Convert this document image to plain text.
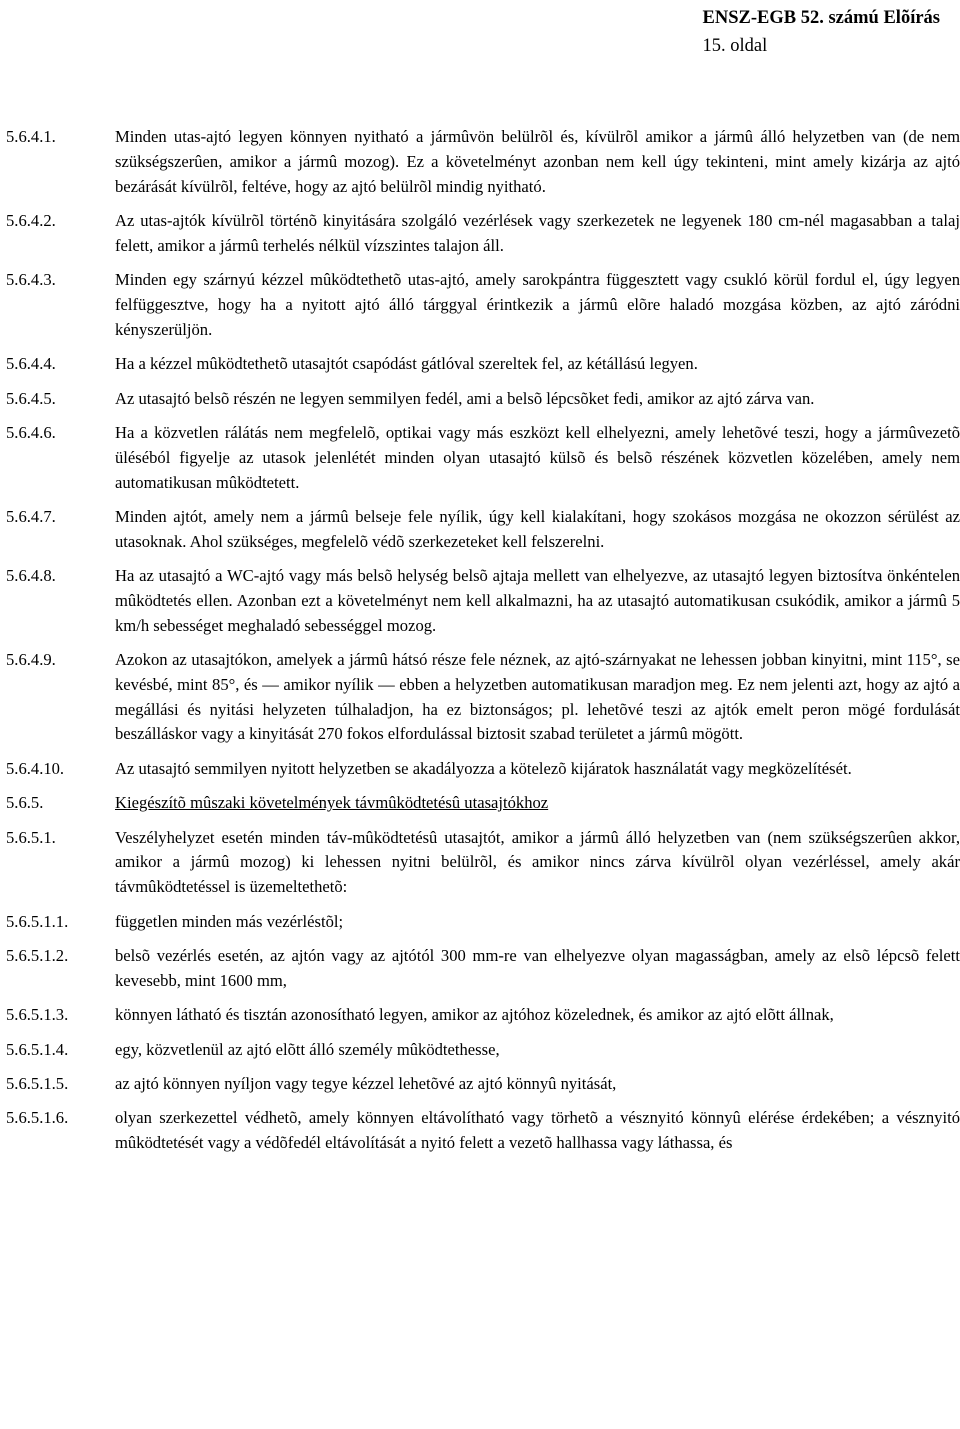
ENSZ-EGB 52. számú Elõírás
15. oldal
5.6.4.1.	Minden utas-ajtó legyen könnyen nyitható a jármûvön belülrõl és, kívülrõl amikor a jármû álló helyzetben van (de nem szükségszerûen, amikor a jármû mozog). Ez a követelményt azonban nem kell úgy tekinteni, mint amely kizárja az ajtó bezárását kívülrõl, feltéve, hogy az ajtó belülrõl mindig nyitható.
5.6.4.2.	Az utas-ajtók kívülrõl történõ kinyitására szolgáló vezérlések vagy szerkezetek ne legyenek 180 cm-nél magasabban a talaj felett, amikor a jármû terhelés nélkül vízszintes talajon áll.
5.6.4.3.	Minden egy szárnyú kézzel mûködtethetõ utas-ajtó, amely sarokpántra függesztett vagy csukló körül fordul el, úgy legyen felfüggesztve, hogy ha a nyitott ajtó álló tárggyal érintkezik a jármû elõre haladó mozgása közben, az ajtó záródni kényszerüljön.
5.6.4.4.	Ha a kézzel mûködtethetõ utasajtót csapódást gátlóval szereltek fel, az kétállású legyen.
5.6.4.5.	Az utasajtó belsõ részén ne legyen semmilyen fedél, ami a belsõ lépcsõket fedi, amikor az ajtó zárva van.
5.6.4.6.	Ha a közvetlen rálátás nem megfelelõ, optikai vagy más eszközt kell elhelyezni, amely lehetõvé teszi, hogy a jármûvezetõ üléséból figyelje az utasok jelenlétét minden olyan utasajtó külsõ és belsõ részének közvetlen közelében, amely nem automatikusan mûködtetett.
5.6.4.7.	Minden ajtót, amely nem a jármû belseje fele nyílik, úgy kell kialakítani, hogy szokásos mozgása ne okozzon sérülést az utasoknak. Ahol szükséges, megfelelõ védõ szerkezeteket kell felszerelni.
5.6.4.8.	Ha az utasajtó a WC-ajtó vagy más belsõ helység belsõ ajtaja mellett van elhelyezve, az utasajtó legyen biztosítva önkéntelen mûködtetés ellen. Azonban ezt a követelményt nem kell alkalmazni, ha az utasajtó automatikusan csukódik, amikor a jármû 5 km/h sebességet meghaladó sebességgel mozog.
5.6.4.9.	Azokon az utasajtókon, amelyek a jármû hátsó része fele néznek, az ajtó-szárnyakat ne lehessen jobban kinyitni, mint 115°, se kevésbé, mint 85°, és — amikor nyílik — ebben a helyzetben automatikusan maradjon meg. Ez nem jelenti azt, hogy az ajtó a megállási és nyitási helyzeten túlhaladjon, ha ez biztonságos; pl. lehetõvé teszi az ajtók emelt peron mögé fordulását beszálláskor vagy a kinyitását 270 fokos elfordulással biztosit szabad területet a jármû mögött.
5.6.4.10.	Az utasajtó semmilyen nyitott helyzetben se akadályozza a kötelezõ kijáratok használatát vagy megközelítését.
5.6.5.	Kiegészítõ mûszaki követelmények távmûködtetésû utasajtókhoz
5.6.5.1.	Veszélyhelyzet esetén minden táv-mûködtetésû utasajtót, amikor a jármû álló helyzetben van (nem szükségszerûen akkor, amikor a jármû mozog) ki lehessen nyitni belülrõl, és amikor nincs zárva kívülrõl olyan vezérléssel, amely akár távmûködtetéssel is üzemeltethetõ:
5.6.5.1.1.	független minden más vezérléstõl;
5.6.5.1.2.	belsõ vezérlés esetén, az ajtón vagy az ajtótól 300 mm-re van elhelyezve olyan magasságban, amely az elsõ lépcsõ felett kevesebb, mint 1600 mm,
5.6.5.1.3.	könnyen látható és tisztán azonosítható legyen, amikor az ajtóhoz közelednek, és amikor az ajtó elõtt állnak,
5.6.5.1.4.	egy, közvetlenül az ajtó elõtt álló személy mûködtethesse,
5.6.5.1.5.	az ajtó könnyen nyíljon vagy tegye kézzel lehetõvé az ajtó könnyû nyitását,
5.6.5.1.6.	olyan szerkezettel védhetõ, amely könnyen eltávolítható vagy törhetõ a vésznyitó könnyû elérése érdekében; a vésznyitó mûködtetését vagy a védõfedél eltávolítását a nyitó felett a vezetõ hallhassa vagy láthassa, és
